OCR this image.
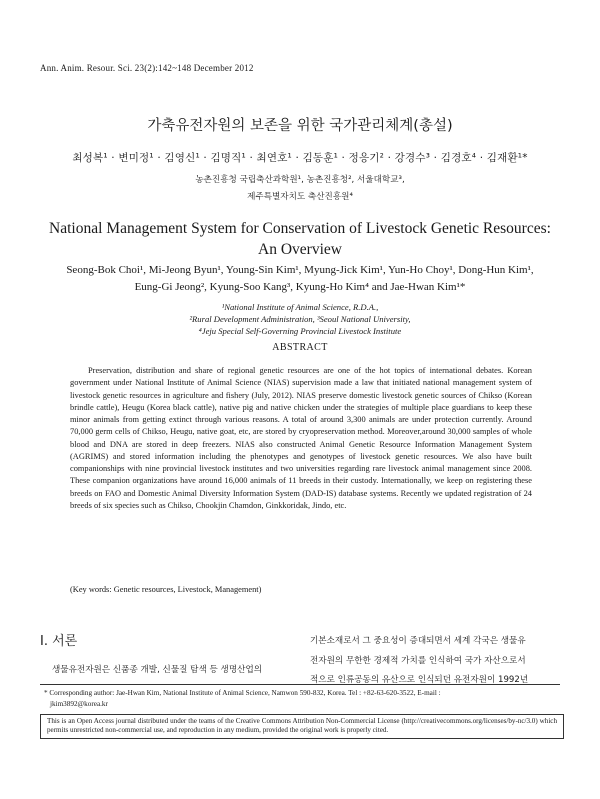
Ann. Anim. Resour. Sci. 23(2):142~148 December 2012
가축유전자원의 보존을 위한 국가관리체계(총설)
최성복¹ · 변미정¹ · 김영신¹ · 김명직¹ · 최연호¹ · 김동훈¹ · 정응기² · 강경수³ · 김경호⁴ · 김재환¹*
농촌진흥청 국립축산과학원¹, 농촌진흥청², 서울대학교³,
제주특별자치도 축산진흥원⁴
National Management System for Conservation of Livestock Genetic Resources:
An Overview
Seong-Bok Choi¹, Mi-Jeong Byun¹, Young-Sin Kim¹, Myung-Jick Kim¹, Yun-Ho Choy¹, Dong-Hun Kim¹,
Eung-Gi Jeong², Kyung-Soo Kang³, Kyung-Ho Kim⁴ and Jae-Hwan Kim¹*
¹National Institute of Animal Science, R.D.A.,
²Rural Development Administration, ³Seoul National University,
⁴Jeju Special Self-Governing Provincial Livestock Institute
ABSTRACT

Preservation, distribution and share of regional genetic resources are one of the hot topics of international debates. Korean government under National Institute of Animal Science (NIAS) supervision made a law that initiated national management system of livestock genetic resources in agriculture and fishery (July, 2012). NIAS preserve domestic livestock genetic sources of Chikso (Korean brindle cattle), Heugu (Korea black cattle), native pig and native chicken under the strategies of multiple place guardians to keep these minor animals from getting extinct through various reasons. A total of around 3,300 animals are under protection currently. Around 70,000 germ cells of Chikso, Heugu, native goat, etc, are stored by cryopreservation method. Moreover,around 30,000 samples of whole blood and DNA are stored in deep freezers. NIAS also constructed Animal Genetic Resource Information Management System (AGRIMS) and stored information including the phenotypes and genotypes of livestock genetic resources. We also have built companionships with nine provincial livestock institutes and two universities regarding rare livestock animal management since 2008. These companion organizations have around 16,000 animals of 11 breeds in their custody. Internationally, we keep on registering these breeds on FAO and Domestic Animal Diversity Information System (DAD-IS) database systems. Recently we updated registration of 24 breeds of six species such as Chikso, Chookjin Chamdon, Ginkkoridak, Jindo, etc.

(Key words: Genetic resources, Livestock, Management)

I. 서론

생물유전자원은 신품종 개발, 신물질 탐색 등 생명산업의

기본소재로서 그 중요성이 증대되면서 세계 각국은 생물유
전자원의 무한한 경제적 가치를 인식하여 국가 자산으로서
적으로 인류공동의 유산으로 인식되던 유전자원이 1992년

* Corresponding author: Jae-Hwan Kim, National Institute of Animal Science, Namwon 590-832, Korea. Tel : +82-63-620-3522, E-mail :
jkim3892@korea.kr

This is an Open Access journal distributed under the teams of the Creative Commons Attribution Non-Commercial License (http://creativecommons.org/licenses/by-nc/3.0) which permits unrestricted non-commercial use, and reproduction in any medium, provided the original work is properly cited.
